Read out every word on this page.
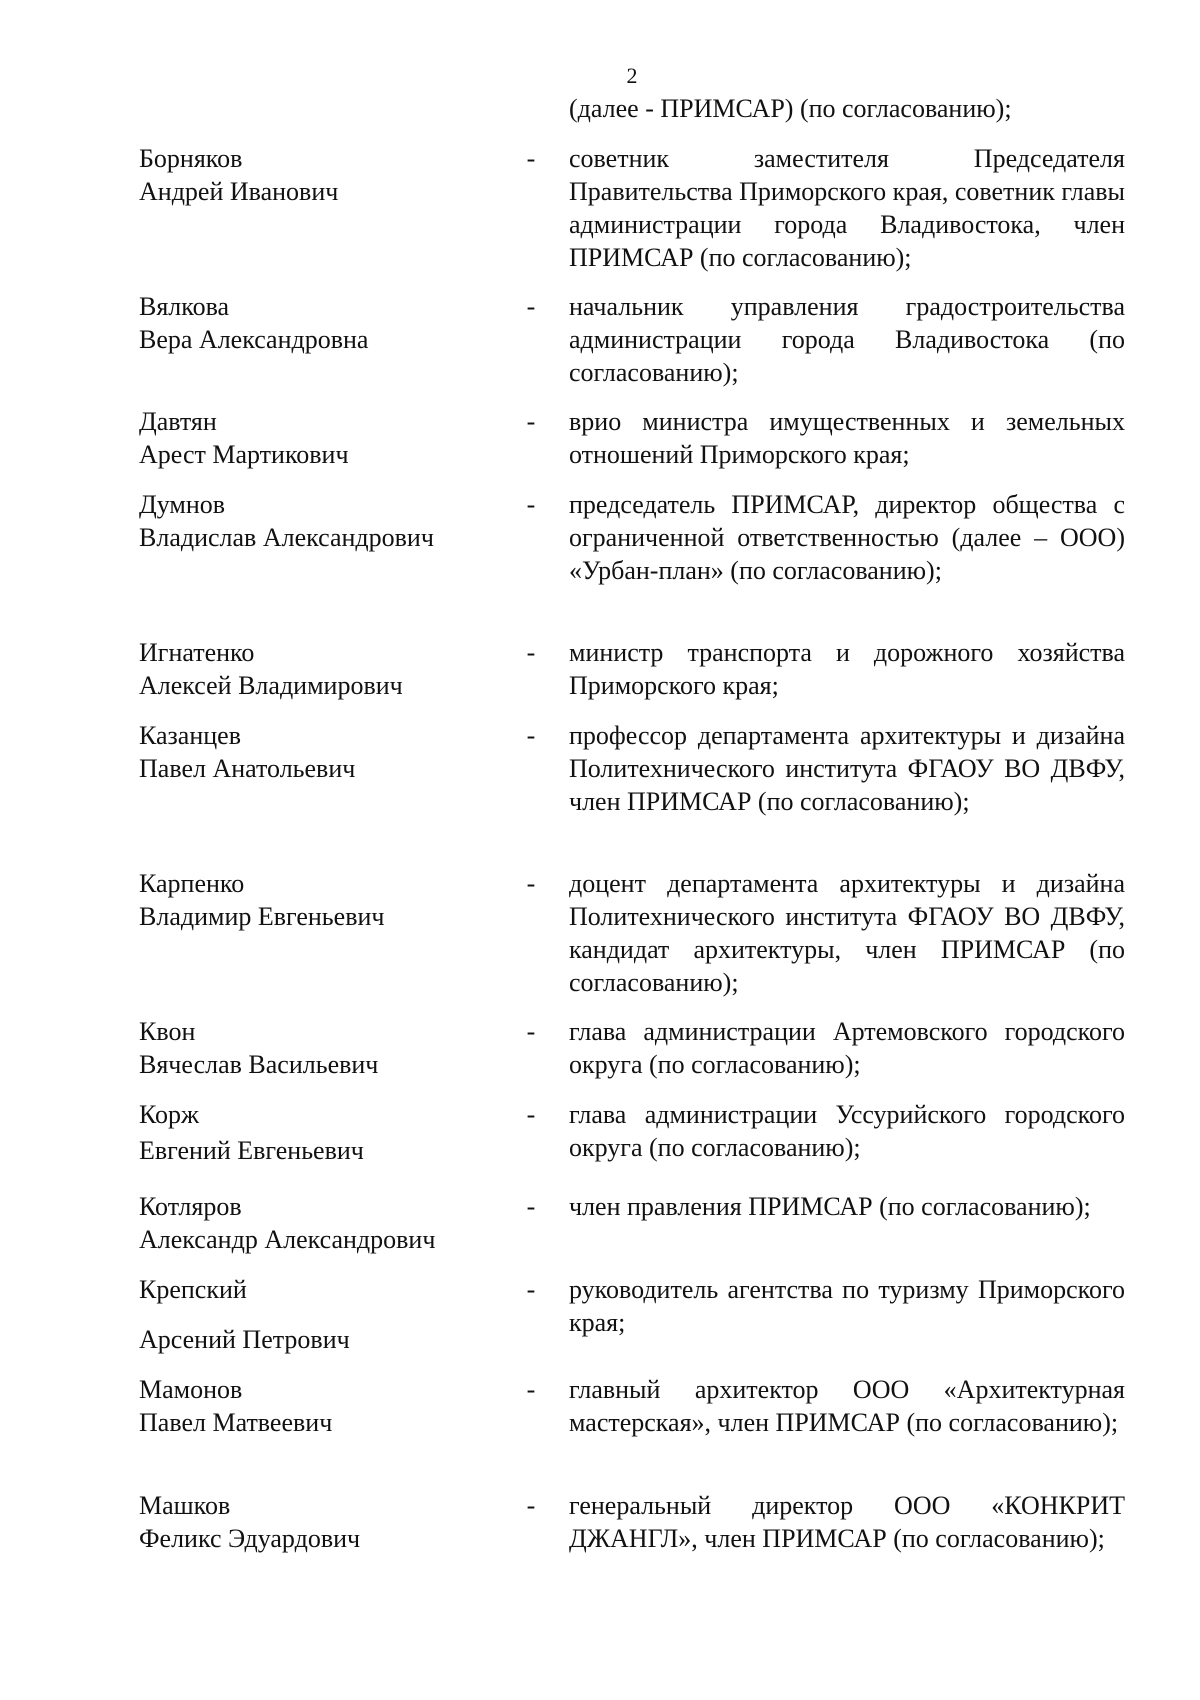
2
(далее - ПРИМСАР) (по согласованию);
Борняков
Андрей Иванович
- советник заместителя Председателя Правительства Приморского края, советник главы администрации города Владивостока, член ПРИМСАР (по согласованию);
Вялкова
Вера Александровна
- начальник управления градостроительства администрации города Владивостока (по согласованию);
Давтян
Арест Мартикович
- врио министра имущественных и земельных отношений Приморского края;
Думнов
Владислав Александрович
- председатель ПРИМСАР, директор общества с ограниченной ответственностью (далее – ООО) «Урбан-план» (по согласованию);
Игнатенко
Алексей Владимирович
- министр транспорта и дорожного хозяйства Приморского края;
Казанцев
Павел Анатольевич
- профессор департамента архитектуры и дизайна Политехнического института ФГАОУ ВО ДВФУ, член ПРИМСАР (по согласованию);
Карпенко
Владимир Евгеньевич
- доцент департамента архитектуры и дизайна Политехнического института ФГАОУ ВО ДВФУ, кандидат архитектуры, член ПРИМСАР (по согласованию);
Квон
Вячеслав Васильевич
- глава администрации Артемовского городского округа (по согласованию);
Корж
Евгений Евгеньевич
- глава администрации Уссурийского городского округа (по согласованию);
Котляров
Александр Александрович
- член правления ПРИМСАР (по согласованию);
Крепский
Арсений Петрович
- руководитель агентства по туризму Приморского края;
Мамонов
Павел Матвеевич
- главный архитектор ООО «Архитектурная мастерская», член ПРИМСАР (по согласованию);
Машков
Феликс Эдуардович
- генеральный директор ООО «КОНКРИТ ДЖАНГЛ», член ПРИМСАР (по согласованию);
